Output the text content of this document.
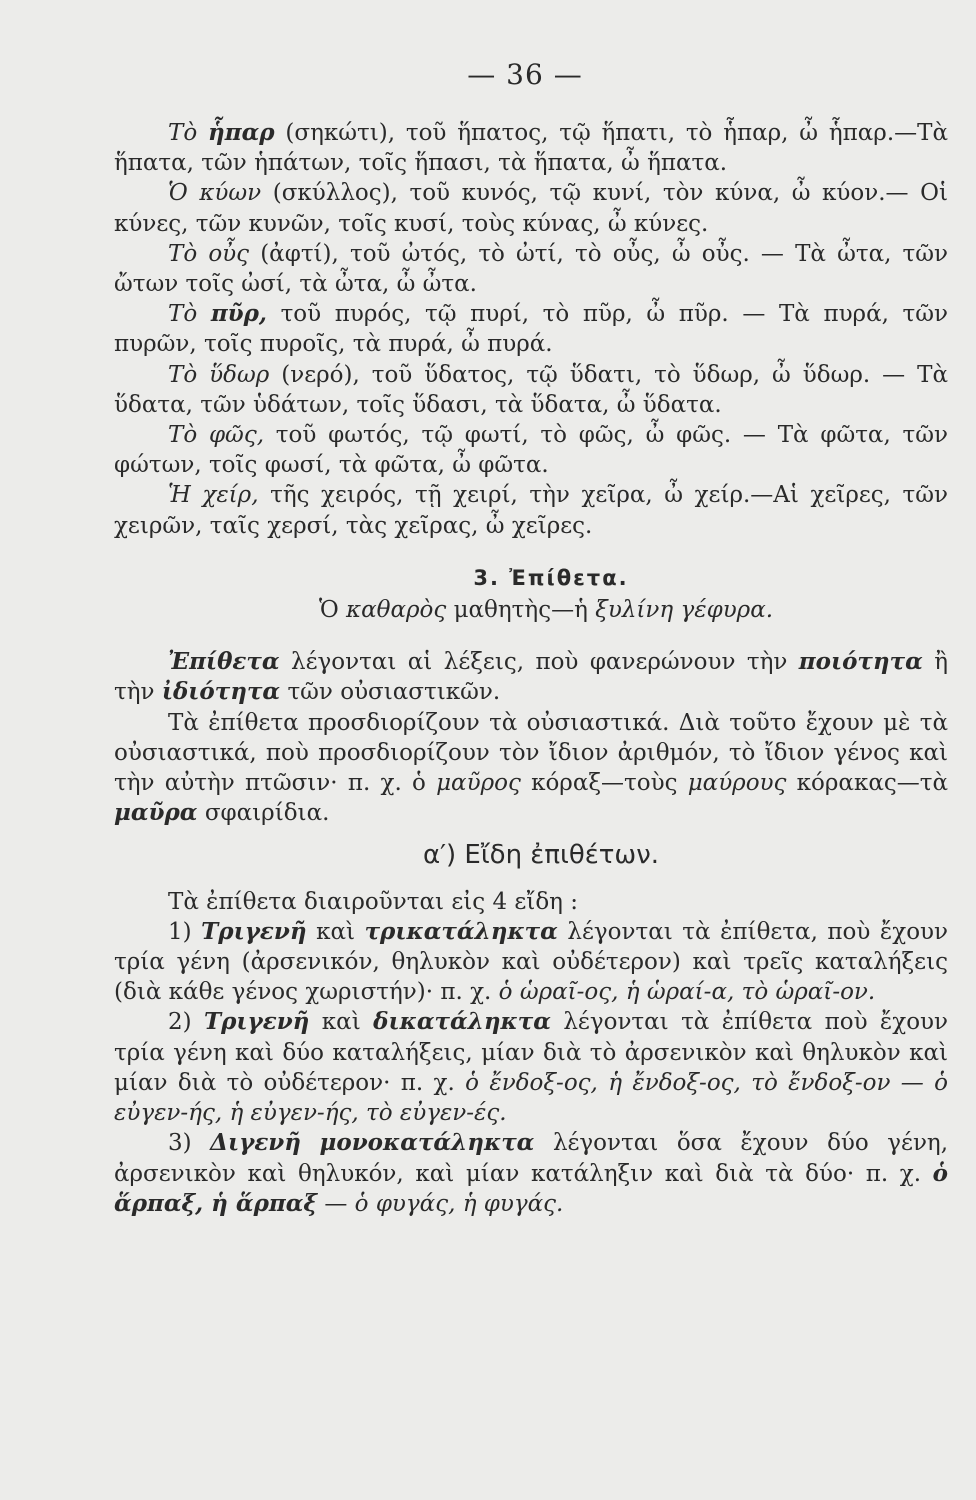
— 36 —

Τὸ ἧπαρ (σηκώτι), τοῦ ἥπατος, τῷ ἥπατι, τὸ ἧπαρ, ὦ ἧπαρ.—Τὰ ἥπατα, τῶν ἡπάτων, τοῖς ἥπασι, τὰ ἥπατα, ὦ ἥπατα.

Ὁ κύων (σκύλλος), τοῦ κυνός, τῷ κυνί, τὸν κύνα, ὦ κύον.— Οἱ κύνες, τῶν κυνῶν, τοῖς κυσί, τοὺς κύνας, ὦ κύνες.

Τὸ οὖς (ἀφτί), τοῦ ὠτός, τὸ ὠτί, τὸ οὖς, ὦ οὖς. — Τὰ ὦτα, τῶν ὤτων τοῖς ὠσί, τὰ ὦτα, ὦ ὦτα.

Τὸ πῦρ, τοῦ πυρός, τῷ πυρί, τὸ πῦρ, ὦ πῦρ. — Τὰ πυρά, τῶν πυρῶν, τοῖς πυροῖς, τὰ πυρά, ὦ πυρά.

Τὸ ὕδωρ (νερό), τοῦ ὕδατος, τῷ ὕδατι, τὸ ὕδωρ, ὦ ὕδωρ. — Τὰ ὕδατα, τῶν ὑδάτων, τοῖς ὕδασι, τὰ ὕδατα, ὦ ὕδατα.

Τὸ φῶς, τοῦ φωτός, τῷ φωτί, τὸ φῶς, ὦ φῶς. — Τὰ φῶτα, τῶν φώτων, τοῖς φωσί, τὰ φῶτα, ὦ φῶτα.

Ἡ χείρ, τῆς χειρός, τῇ χειρί, τὴν χεῖρα, ὦ χείρ.—Αἱ χεῖρες, τῶν χειρῶν, ταῖς χερσί, τὰς χεῖρας, ὦ χεῖρες.

3. Ἐπίθετα.
Ὁ καθαρὸς μαθητὴς—ἡ ξυλίνη γέφυρα.

Ἐπίθετα λέγονται αἱ λέξεις, ποὺ φανερώνουν τὴν ποιότητα ἢ τὴν ἰδιότητα τῶν οὐσιαστικῶν.

Τὰ ἐπίθετα προσδιορίζουν τὰ οὐσιαστικά. Διὰ τοῦτο ἔχουν μὲ τὰ οὐσιαστικά, ποὺ προσδιορίζουν τὸν ἴδιον ἀριθμόν, τὸ ἴδιον γένος καὶ τὴν αὐτὴν πτῶσιν· π. χ. ὁ μαῦρος κόραξ—τοὺς μαύρους κόρακας—τὰ μαῦρα σφαιρίδια.

α′) Εἴδη ἐπιθέτων.

Τὰ ἐπίθετα διαιροῦνται εἰς 4 εἴδη :

1) Τριγενῆ καὶ τρικατάληκτα λέγονται τὰ ἐπίθετα, ποὺ ἔχουν τρία γένη (ἀρσενικόν, θηλυκὸν καὶ οὐδέτερον) καὶ τρεῖς καταλήξεις (διὰ κάθε γένος χωριστήν)· π. χ. ὁ ὡραῖ-ος, ἡ ὡραί-α, τὸ ὡραῖ-ον.

2) Τριγενῆ καὶ δικατάληκτα λέγονται τὰ ἐπίθετα ποὺ ἔχουν τρία γένη καὶ δύο καταλήξεις, μίαν διὰ τὸ ἀρσενικὸν καὶ θηλυκὸν καὶ μίαν διὰ τὸ οὐδέτερον· π. χ. ὁ ἔνδοξ-ος, ἡ ἔνδοξ-ος, τὸ ἔνδοξ-ον — ὁ εὐγεν-ής, ἡ εὐγεν-ής, τὸ εὐγεν-ές.

3) Διγενῆ μονοκατάληκτα λέγονται ὅσα ἔχουν δύο γένη, ἀρσενικὸν καὶ θηλυκόν, καὶ μίαν κατάληξιν καὶ διὰ τὰ δύο· π. χ. ὁ ἅρπαξ, ἡ ἅρπαξ — ὁ φυγάς, ἡ φυγάς.
